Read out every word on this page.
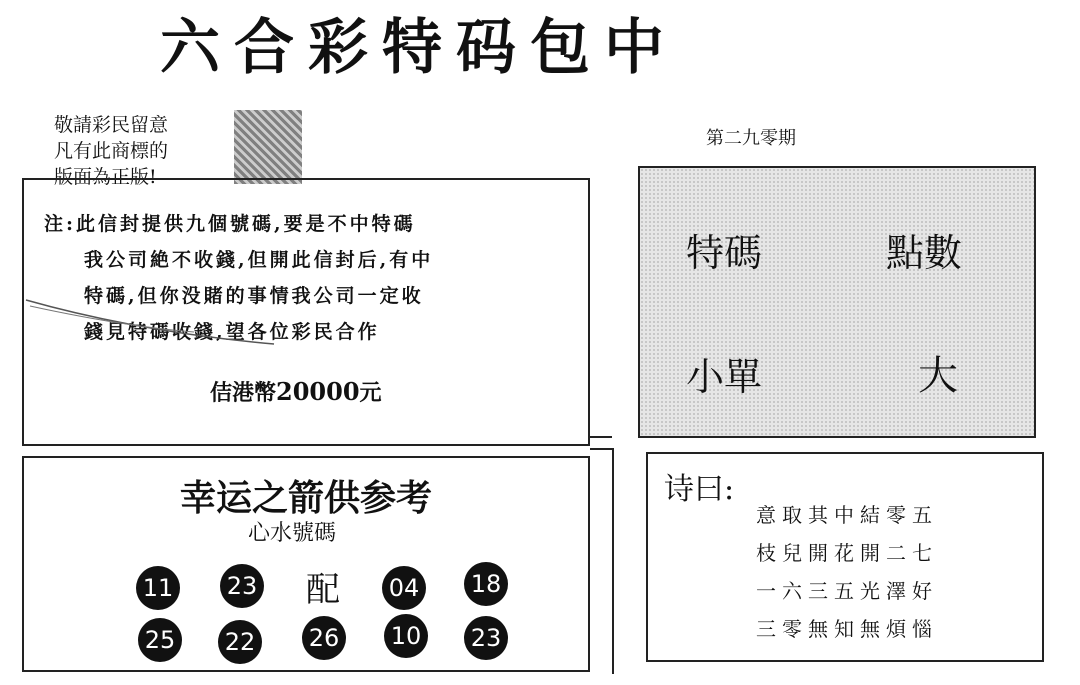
六合彩特码包中
敬請彩民留意
凡有此商標的
版面為正版!
第二九零期
注:此信封提供九個號碼,要是不中特碼
我公司絶不收錢,但開此信封后,有中
特碼,但你没賭的事情我公司一定收
錢見特碼收錢,望各位彩民合作
佶港幣20000元
幸运之箭供参考
心水號碼
11 23 配 04 18
25 22 26 10 23
特碼	點數
小單	大
诗曰:
意取其中結零五
枝兒開花開二七
一六三五光澤好
三零無知無煩惱
